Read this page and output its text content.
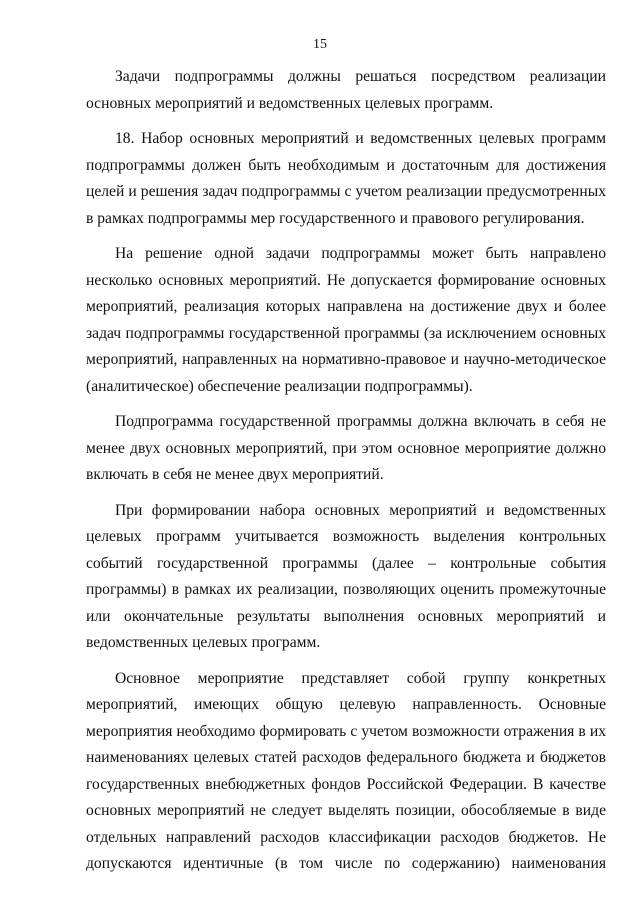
15

Задачи подпрограммы должны решаться посредством реализации основных мероприятий и ведомственных целевых программ.

18. Набор основных мероприятий и ведомственных целевых программ подпрограммы должен быть необходимым и достаточным для достижения целей и решения задач подпрограммы с учетом реализации предусмотренных в рамках подпрограммы мер государственного и правового регулирования.

На решение одной задачи подпрограммы может быть направлено несколько основных мероприятий. Не допускается формирование основных мероприятий, реализация которых направлена на достижение двух и более задач подпрограммы государственной программы (за исключением основных мероприятий, направленных на нормативно-правовое и научно-методическое (аналитическое) обеспечение реализации подпрограммы).

Подпрограмма государственной программы должна включать в себя не менее двух основных мероприятий, при этом основное мероприятие должно включать в себя не менее двух мероприятий.

При формировании набора основных мероприятий и ведомственных целевых программ учитывается возможность выделения контрольных событий государственной программы (далее – контрольные события программы) в рамках их реализации, позволяющих оценить промежуточные или окончательные результаты выполнения основных мероприятий и ведомственных целевых программ.

Основное мероприятие представляет собой группу конкретных мероприятий, имеющих общую целевую направленность. Основные мероприятия необходимо формировать с учетом возможности отражения в их наименованиях целевых статей расходов федерального бюджета и бюджетов государственных внебюджетных фондов Российской Федерации. В качестве основных мероприятий не следует выделять позиции, обособляемые в виде отдельных направлений расходов классификации расходов бюджетов. Не допускаются идентичные (в том числе по содержанию) наименования
